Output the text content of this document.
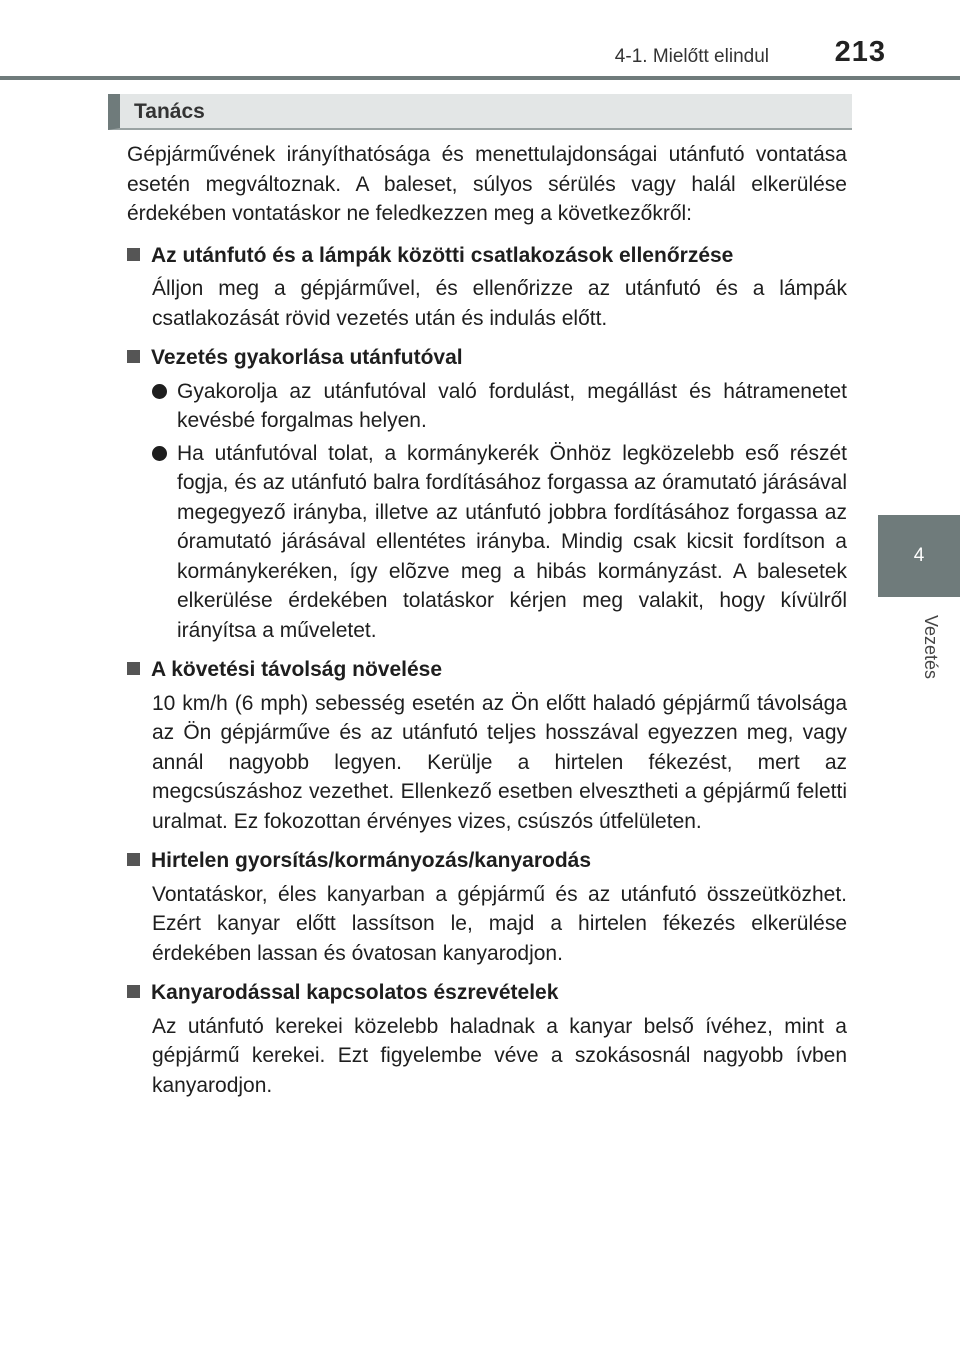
4-1. Mielőtt elindul	213
4
Vezetés
Tanács

Gépjárművének irányíthatósága és menettulajdonságai utánfutó vontatása esetén megváltoznak. A baleset, súlyos sérülés vagy halál elkerülése érdekében vontatáskor ne feledkezzen meg a következőkről:

Az utánfutó és a lámpák közötti csatlakozások ellenőrzése

Álljon meg a gépjárművel, és ellenőrizze az utánfutó és a lámpák csatlakozását rövid vezetés után és indulás előtt.

Vezetés gyakorlása utánfutóval
Gyakorolja az utánfutóval való fordulást, megállást és hátramenetet kevésbé forgalmas helyen.
Ha utánfutóval tolat, a kormánykerék Önhöz legközelebb eső részét fogja, és az utánfutó balra fordításához forgassa az óramutató járásával megegyező irányba, illetve az utánfutó jobbra fordításához forgassa az óramutató járásával ellentétes irányba. Mindig csak kicsit fordítson a kormánykeréken, így elõzve meg a hibás kormányzást. A balesetek elkerülése érdekében tolatáskor kérjen meg valakit, hogy kívülről irányítsa a műveletet.
A követési távolság növelése

10 km/h (6 mph) sebesség esetén az Ön előtt haladó gépjármű távolsága az Ön gépjárműve és az utánfutó teljes hosszával egyezzen meg, vagy annál nagyobb legyen. Kerülje a hirtelen fékezést, mert az megcsúszáshoz vezethet. Ellenkező esetben elvesztheti a gépjármű feletti uralmat. Ez fokozottan érvényes vizes, csúszós útfelületen.

Hirtelen gyorsítás/kormányozás/kanyarodás

Vontatáskor, éles kanyarban a gépjármű és az utánfutó összeütközhet. Ezért kanyar előtt lassítson le, majd a hirtelen fékezés elkerülése érdekében lassan és óvatosan kanyarodjon.

Kanyarodással kapcsolatos észrevételek

Az utánfutó kerekei közelebb haladnak a kanyar belső ívéhez, mint a gépjármű kerekei. Ezt figyelembe véve a szokásosnál nagyobb ívben kanyarodjon.
